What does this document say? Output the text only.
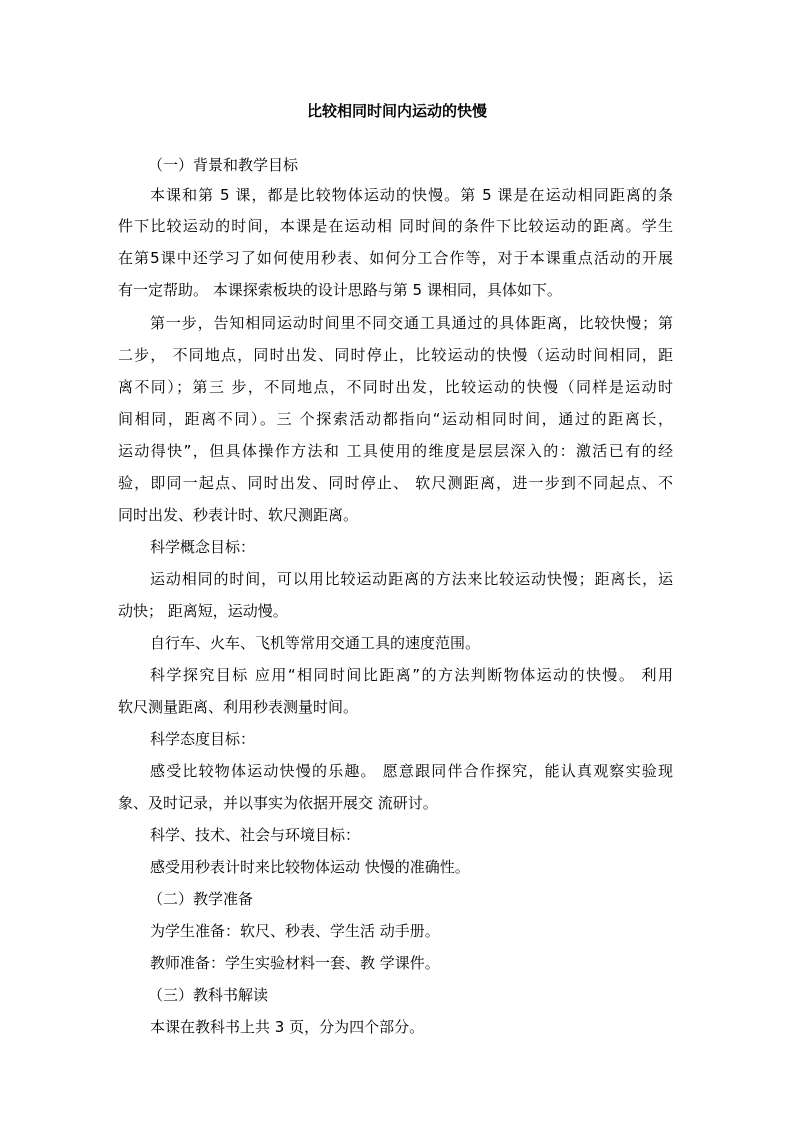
比较相同时间内运动的快慢
（一）背景和教学目标
本课和第 5 课，都是比较物体运动的快慢。第 5 课是在运动相同距离的条
件下比较运动的时间，本课是在运动相 同时间的条件下比较运动的距离。学生
在第5课中还学习了如何使用秒表、如何分工合作等，对于本课重点活动的开展
有一定帮助。 本课探索板块的设计思路与第 5 课相同，具体如下。
第一步，告知相同运动时间里不同交通工具通过的具体距离，比较快慢；第
二步， 不同地点，同时出发、同时停止，比较运动的快慢（运动时间相同，距
离不同）；第三 步，不同地点，不同时出发，比较运动的快慢（同样是运动时
间相同，距离不同）。三 个探索活动都指向“运动相同时间，通过的距离长，
运动得快”，但具体操作方法和 工具使用的维度是层层深入的：激活已有的经
验，即同一起点、同时出发、同时停止、 软尺测距离，进一步到不同起点、不
同时出发、秒表计时、软尺测距离。
科学概念目标：
运动相同的时间，可以用比较运动距离的方法来比较运动快慢；距离长，运
动快； 距离短，运动慢。
自行车、火车、飞机等常用交通工具的速度范围。
科学探究目标 应用“相同时间比距离”的方法判断物体运动的快慢。 利用
软尺测量距离、利用秒表测量时间。
科学态度目标：
感受比较物体运动快慢的乐趣。 愿意跟同伴合作探究，能认真观察实验现
象、及时记录，并以事实为依据开展交 流研讨。
科学、技术、社会与环境目标：
感受用秒表计时来比较物体运动 快慢的准确性。
（二）教学准备
为学生准备：软尺、秒表、学生活 动手册。
教师准备：学生实验材料一套、教 学课件。
（三）教科书解读
本课在教科书上共 3 页，分为四个部分。
